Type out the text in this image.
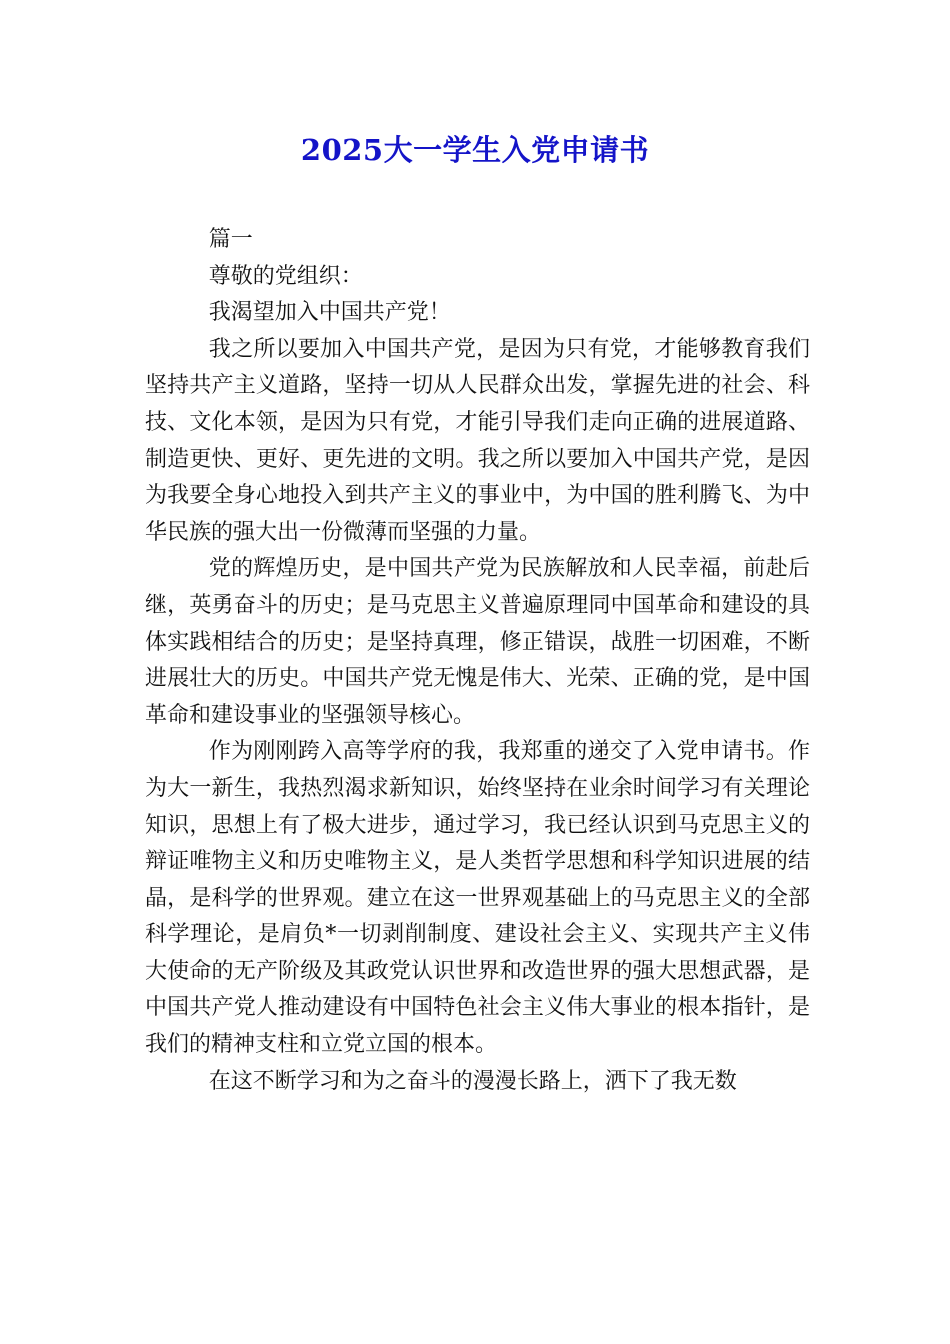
2025大一学生入党申请书

篇一

尊敬的党组织：

我渴望加入中国共产党！

我之所以要加入中国共产党，是因为只有党，才能够教育我们坚持共产主义道路，坚持一切从人民群众出发，掌握先进的社会、科技、文化本领，是因为只有党，才能引导我们走向正确的进展道路、制造更快、更好、更先进的文明。我之所以要加入中国共产党，是因为我要全身心地投入到共产主义的事业中，为中国的胜利腾飞、为中华民族的强大出一份微薄而坚强的力量。

党的辉煌历史，是中国共产党为民族解放和人民幸福，前赴后继，英勇奋斗的历史；是马克思主义普遍原理同中国革命和建设的具体实践相结合的历史；是坚持真理，修正错误，战胜一切困难，不断进展壮大的历史。中国共产党无愧是伟大、光荣、正确的党，是中国革命和建设事业的坚强领导核心。

作为刚刚跨入高等学府的我，我郑重的递交了入党申请书。作为大一新生，我热烈渴求新知识，始终坚持在业余时间学习有关理论知识，思想上有了极大进步，通过学习，我已经认识到马克思主义的辩证唯物主义和历史唯物主义，是人类哲学思想和科学知识进展的结晶，是科学的世界观。建立在这一世界观基础上的马克思主义的全部科学理论，是肩负*一切剥削制度、建设社会主义、实现共产主义伟大使命的无产阶级及其政党认识世界和改造世界的强大思想武器，是中国共产党人推动建设有中国特色社会主义伟大事业的根本指针，是我们的精神支柱和立党立国的根本。

在这不断学习和为之奋斗的漫漫长路上，洒下了我无数
